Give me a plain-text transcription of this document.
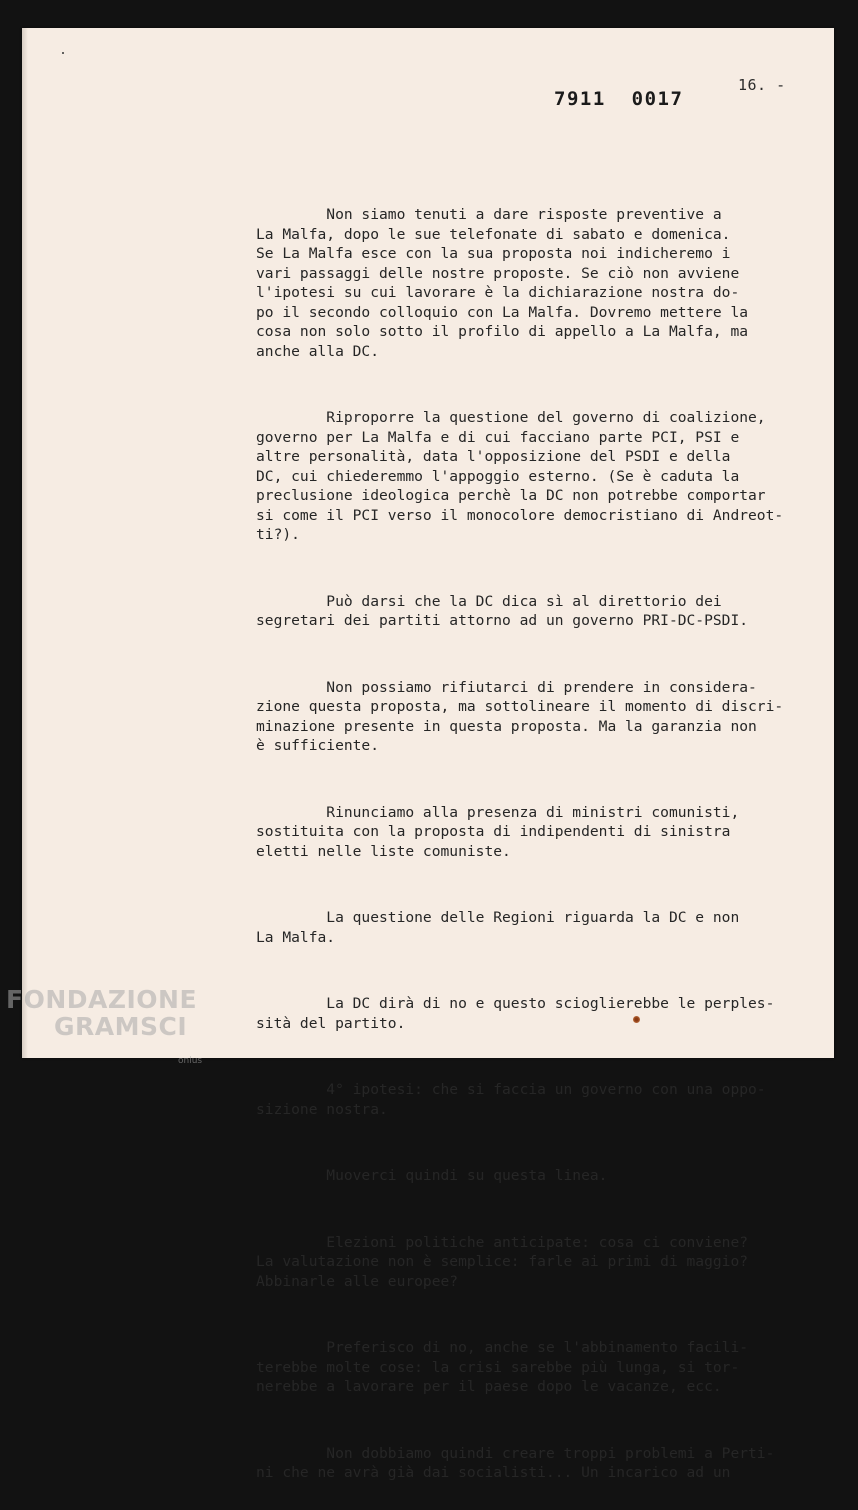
16. -
7911  0017

Non siamo tenuti a dare risposte preventive a
La Malfa, dopo le sue telefonate di sabato e domenica.
Se La Malfa esce con la sua proposta noi indicheremo i
vari passaggi delle nostre proposte. Se ciò non avviene
l'ipotesi su cui lavorare è la dichiarazione nostra do-
po il secondo colloquio con La Malfa. Dovremo mettere la
cosa non solo sotto il profilo di appello a La Malfa, ma
anche alla DC.

Riproporre la questione del governo di coalizione,
governo per La Malfa e di cui facciano parte PCI, PSI e
altre personalità, data l'opposizione del PSDI e della
DC, cui chiederemmo l'appoggio esterno. (Se è caduta la
preclusione ideologica perchè la DC non potrebbe comportar
si come il PCI verso il monocolore democristiano di Andreot-
ti?).

Può darsi che la DC dica sì al direttorio dei
segretari dei partiti attorno ad un governo PRI-DC-PSDI.

Non possiamo rifiutarci di prendere in considera-
zione questa proposta, ma sottolineare il momento di discri-
minazione presente in questa proposta. Ma la garanzia non
è sufficiente.

Rinunciamo alla presenza di ministri comunisti,
sostituita con la proposta di indipendenti di sinistra
eletti nelle liste comuniste.

La questione delle Regioni riguarda la DC e non
La Malfa.

La DC dirà di no e questo scioglierebbe le perples-
sità del partito.

4° ipotesi: che si faccia un governo con una oppo-
sizione nostra.

Muoverci quindi su questa linea.

Elezioni politiche anticipate: cosa ci conviene?
La valutazione non è semplice: farle ai primi di maggio?
Abbinarle alle europee?

Preferisco di no, anche se l'abbinamento facili-
terebbe molte cose: la crisi sarebbe più lunga, si tor-
nerebbe a lavorare per il paese dopo le vacanze, ecc.

Non dobbiamo quindi creare troppi problemi a Perti-
ni che ne avrà già dai socialisti... Un incarico ad un

FONDAZIONE
GRAMSCI
onlus
